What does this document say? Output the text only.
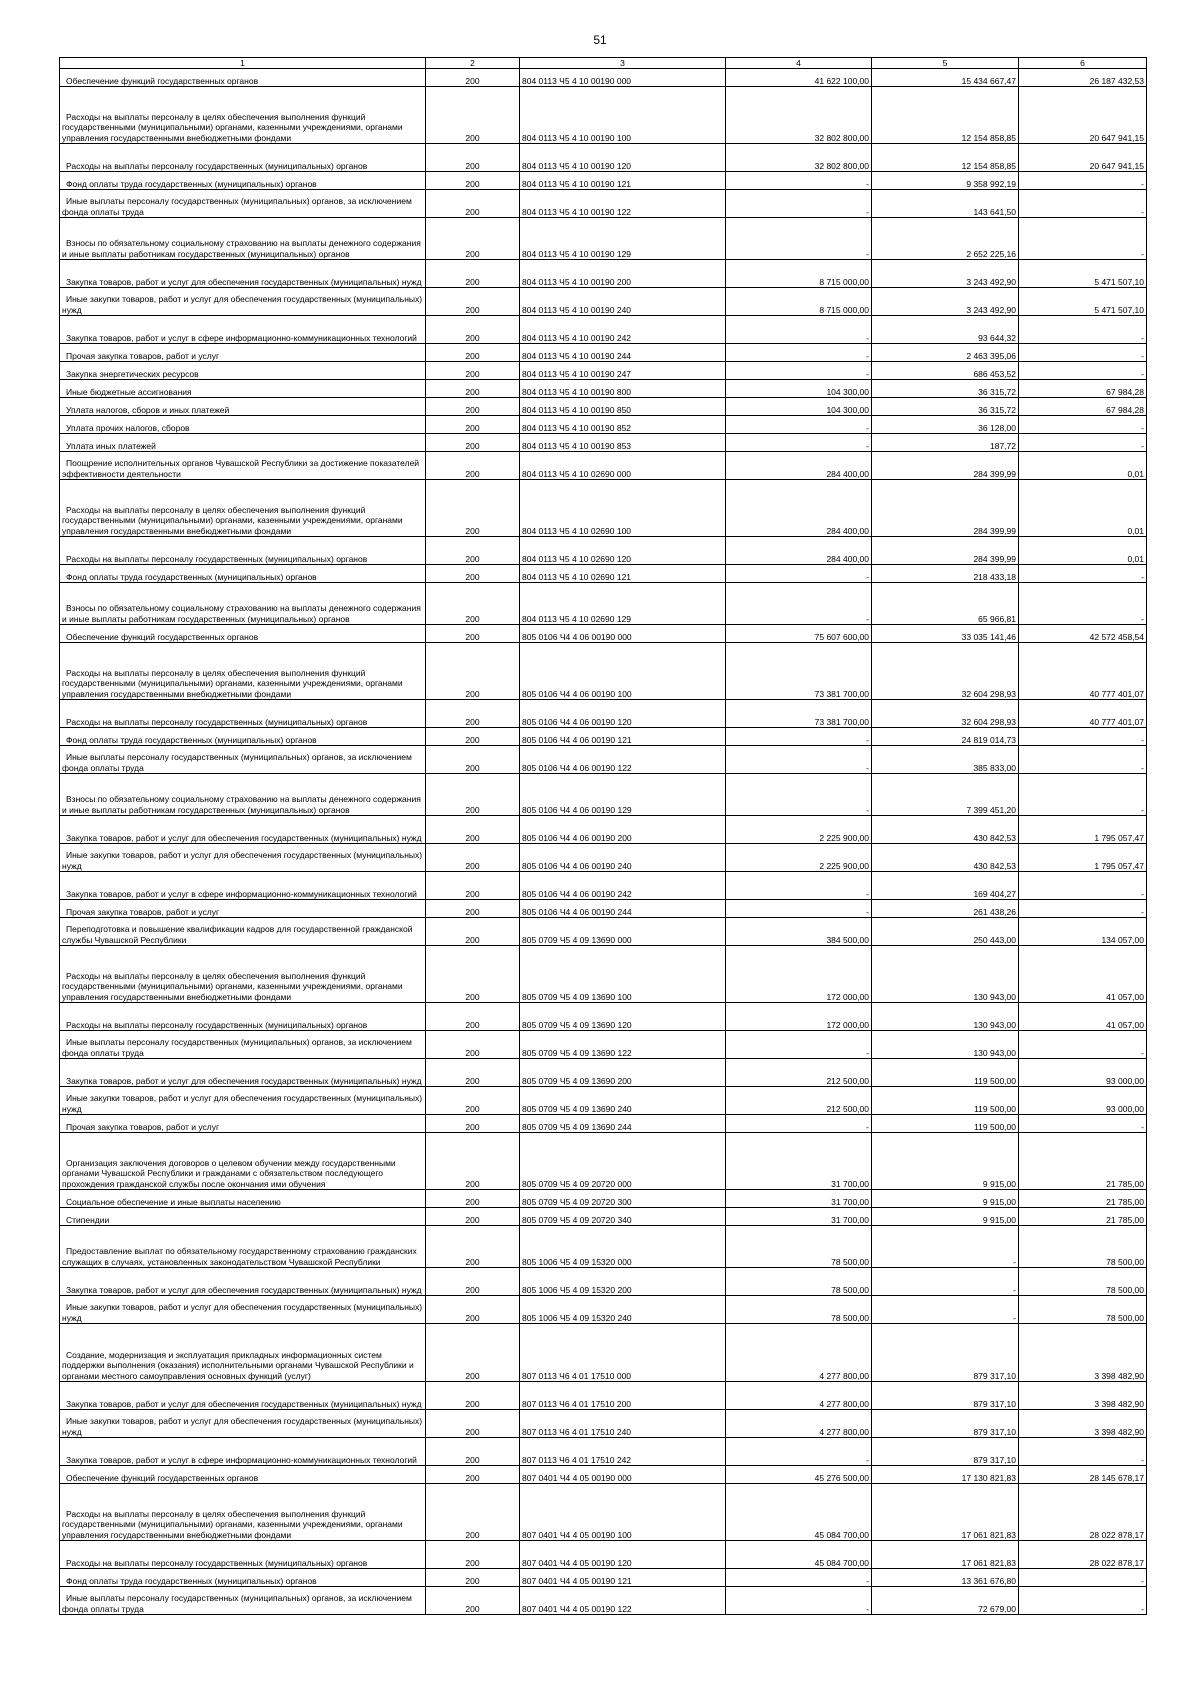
51
1	2	3	4	5	6
Обеспечение функций государственных органов	200	804 0113 Ч5 4 10 00190 000	41 622 100,00	15 434 667,47	26 187 432,53
Расходы на выплаты персоналу в целях обеспечения выполнения функций государственными (муниципальными) органами, казенными учреждениями, органами управления государственными внебюджетными фондами	200	804 0113 Ч5 4 10 00190 100	32 802 800,00	12 154 858,85	20 647 941,15
Расходы на выплаты персоналу государственных (муниципальных) органов	200	804 0113 Ч5 4 10 00190 120	32 802 800,00	12 154 858,85	20 647 941,15
Фонд оплаты труда государственных (муниципальных) органов	200	804 0113 Ч5 4 10 00190 121	-	9 358 992,19	-
Иные выплаты персоналу государственных (муниципальных) органов, за исключением фонда оплаты труда	200	804 0113 Ч5 4 10 00190 122	-	143 641,50	-
Взносы по обязательному социальному страхованию на выплаты денежного содержания и иные выплаты работникам государственных (муниципальных) органов	200	804 0113 Ч5 4 10 00190 129	-	2 652 225,16	-
Закупка товаров, работ и услуг для обеспечения государственных (муниципальных) нужд	200	804 0113 Ч5 4 10 00190 200	8 715 000,00	3 243 492,90	5 471 507,10
Иные закупки товаров, работ и услуг для обеспечения государственных (муниципальных) нужд	200	804 0113 Ч5 4 10 00190 240	8 715 000,00	3 243 492,90	5 471 507,10
Закупка товаров, работ и услуг в сфере информационно-коммуникационных технологий	200	804 0113 Ч5 4 10 00190 242	-	93 644,32	-
Прочая закупка товаров, работ и услуг	200	804 0113 Ч5 4 10 00190 244	-	2 463 395,06	-
Закупка энергетических ресурсов	200	804 0113 Ч5 4 10 00190 247	-	686 453,52	-
Иные бюджетные ассигнования	200	804 0113 Ч5 4 10 00190 800	104 300,00	36 315,72	67 984,28
Уплата налогов, сборов и иных платежей	200	804 0113 Ч5 4 10 00190 850	104 300,00	36 315,72	67 984,28
Уплата прочих налогов, сборов	200	804 0113 Ч5 4 10 00190 852	-	36 128,00	-
Уплата иных платежей	200	804 0113 Ч5 4 10 00190 853	-	187,72	-
Поощрение исполнительных органов Чувашской Республики за достижение показателей эффективности деятельности	200	804 0113 Ч5 4 10 02690 000	284 400,00	284 399,99	0,01
Расходы на выплаты персоналу в целях обеспечения выполнения функций государственными (муниципальными) органами, казенными учреждениями, органами управления государственными внебюджетными фондами	200	804 0113 Ч5 4 10 02690 100	284 400,00	284 399,99	0,01
Расходы на выплаты персоналу государственных (муниципальных) органов	200	804 0113 Ч5 4 10 02690 120	284 400,00	284 399,99	0,01
Фонд оплаты труда государственных (муниципальных) органов	200	804 0113 Ч5 4 10 02690 121	-	218 433,18	-
Взносы по обязательному социальному страхованию на выплаты денежного содержания и иные выплаты работникам государственных (муниципальных) органов	200	804 0113 Ч5 4 10 02690 129	-	65 966,81	-
Обеспечение функций государственных органов	200	805 0106 Ч4 4 06 00190 000	75 607 600,00	33 035 141,46	42 572 458,54
Расходы на выплаты персоналу в целях обеспечения выполнения функций государственными (муниципальными) органами, казенными учреждениями, органами управления государственными внебюджетными фондами	200	805 0106 Ч4 4 06 00190 100	73 381 700,00	32 604 298,93	40 777 401,07
Расходы на выплаты персоналу государственных (муниципальных) органов	200	805 0106 Ч4 4 06 00190 120	73 381 700,00	32 604 298,93	40 777 401,07
Фонд оплаты труда государственных (муниципальных) органов	200	805 0106 Ч4 4 06 00190 121	-	24 819 014,73	-
Иные выплаты персоналу государственных (муниципальных) органов, за исключением фонда оплаты труда	200	805 0106 Ч4 4 06 00190 122	-	385 833,00	-
Взносы по обязательному социальному страхованию на выплаты денежного содержания и иные выплаты работникам государственных (муниципальных) органов	200	805 0106 Ч4 4 06 00190 129	-	7 399 451,20	-
Закупка товаров, работ и услуг для обеспечения государственных (муниципальных) нужд	200	805 0106 Ч4 4 06 00190 200	2 225 900,00	430 842,53	1 795 057,47
Иные закупки товаров, работ и услуг для обеспечения государственных (муниципальных) нужд	200	805 0106 Ч4 4 06 00190 240	2 225 900,00	430 842,53	1 795 057,47
Закупка товаров, работ и услуг в сфере информационно-коммуникационных технологий	200	805 0106 Ч4 4 06 00190 242	-	169 404,27	-
Прочая закупка товаров, работ и услуг	200	805 0106 Ч4 4 06 00190 244	-	261 438,26	-
Переподготовка и повышение квалификации кадров для государственной гражданской службы Чувашской Республики	200	805 0709 Ч5 4 09 13690 000	384 500,00	250 443,00	134 057,00
Расходы на выплаты персоналу в целях обеспечения выполнения функций государственными (муниципальными) органами, казенными учреждениями, органами управления государственными внебюджетными фондами	200	805 0709 Ч5 4 09 13690 100	172 000,00	130 943,00	41 057,00
Расходы на выплаты персоналу государственных (муниципальных) органов	200	805 0709 Ч5 4 09 13690 120	172 000,00	130 943,00	41 057,00
Иные выплаты персоналу государственных (муниципальных) органов, за исключением фонда оплаты труда	200	805 0709 Ч5 4 09 13690 122	-	130 943,00	-
Закупка товаров, работ и услуг для обеспечения государственных (муниципальных) нужд	200	805 0709 Ч5 4 09 13690 200	212 500,00	119 500,00	93 000,00
Иные закупки товаров, работ и услуг для обеспечения государственных (муниципальных) нужд	200	805 0709 Ч5 4 09 13690 240	212 500,00	119 500,00	93 000,00
Прочая закупка товаров, работ и услуг	200	805 0709 Ч5 4 09 13690 244	-	119 500,00	-
Организация заключения договоров о целевом обучении между государственными органами Чувашской Республики и гражданами с обязательством последующего прохождения гражданской службы после окончания ими обучения	200	805 0709 Ч5 4 09 20720 000	31 700,00	9 915,00	21 785,00
Социальное обеспечение и иные выплаты населению	200	805 0709 Ч5 4 09 20720 300	31 700,00	9 915,00	21 785,00
Стипендии	200	805 0709 Ч5 4 09 20720 340	31 700,00	9 915,00	21 785,00
Предоставление выплат по обязательному государственному страхованию гражданских служащих в случаях, установленных законодательством Чувашской Республики	200	805 1006 Ч5 4 09 15320 000	78 500,00	-	78 500,00
Закупка товаров, работ и услуг для обеспечения государственных (муниципальных) нужд	200	805 1006 Ч5 4 09 15320 200	78 500,00	-	78 500,00
Иные закупки товаров, работ и услуг для обеспечения государственных (муниципальных) нужд	200	805 1006 Ч5 4 09 15320 240	78 500,00	-	78 500,00
Создание, модернизация и эксплуатация прикладных информационных систем поддержки выполнения (оказания) исполнительными органами Чувашской Республики и органами местного самоуправления основных функций (услуг)	200	807 0113 Ч6 4 01 17510 000	4 277 800,00	879 317,10	3 398 482,90
Закупка товаров, работ и услуг для обеспечения государственных (муниципальных) нужд	200	807 0113 Ч6 4 01 17510 200	4 277 800,00	879 317,10	3 398 482,90
Иные закупки товаров, работ и услуг для обеспечения государственных (муниципальных) нужд	200	807 0113 Ч6 4 01 17510 240	4 277 800,00	879 317,10	3 398 482,90
Закупка товаров, работ и услуг в сфере информационно-коммуникационных технологий	200	807 0113 Ч6 4 01 17510 242	-	879 317,10	-
Обеспечение функций государственных органов	200	807 0401 Ч4 4 05 00190 000	45 276 500,00	17 130 821,83	28 145 678,17
Расходы на выплаты персоналу в целях обеспечения выполнения функций государственными (муниципальными) органами, казенными учреждениями, органами управления государственными внебюджетными фондами	200	807 0401 Ч4 4 05 00190 100	45 084 700,00	17 061 821,83	28 022 878,17
Расходы на выплаты персоналу государственных (муниципальных) органов	200	807 0401 Ч4 4 05 00190 120	45 084 700,00	17 061 821,83	28 022 878,17
Фонд оплаты труда государственных (муниципальных) органов	200	807 0401 Ч4 4 05 00190 121	-	13 361 676,80	-
Иные выплаты персоналу государственных (муниципальных) органов, за исключением фонда оплаты труда	200	807 0401 Ч4 4 05 00190 122	-	72 679,00	-
